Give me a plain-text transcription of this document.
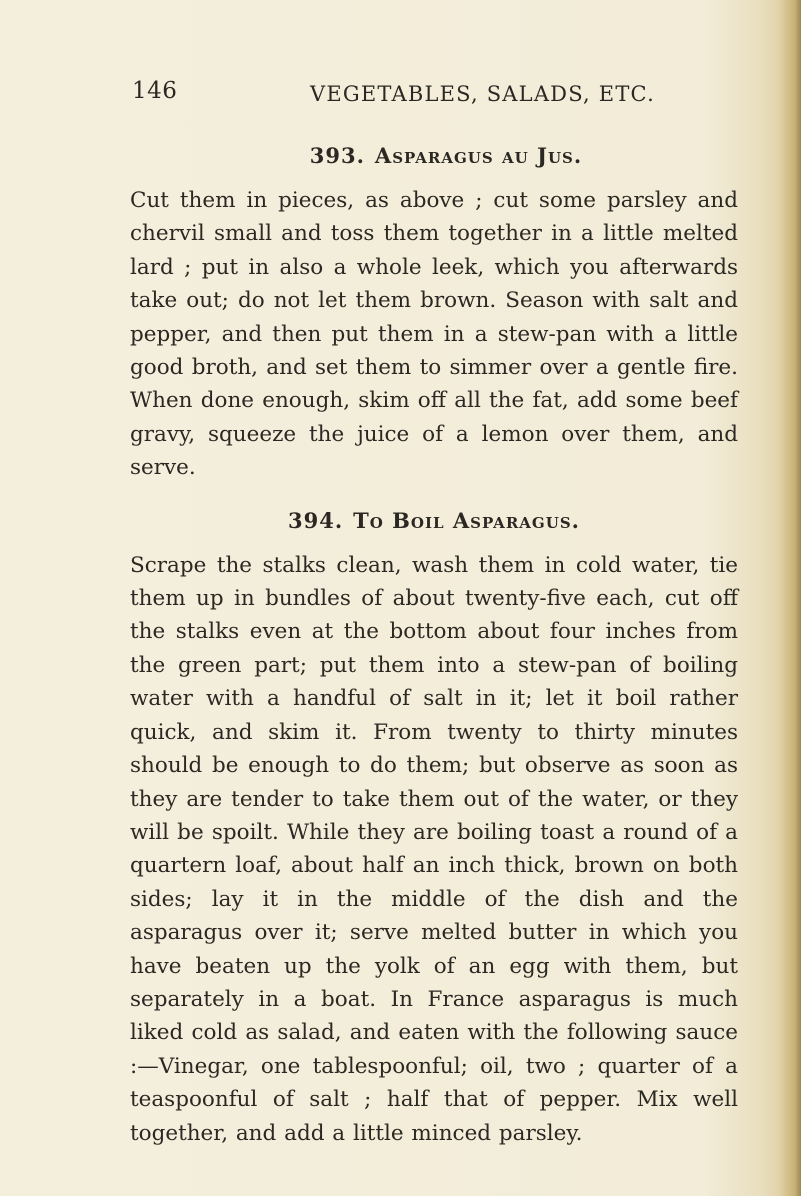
146	VEGETABLES, SALADS, ETC.
393. Asparagus au Jus.

Cut them in pieces, as above ; cut some parsley and chervil small and toss them together in a little melted lard ; put in also a whole leek, which you afterwards take out; do not let them brown. Season with salt and pepper, and then put them in a stew-pan with a little good broth, and set them to simmer over a gentle fire. When done enough, skim off all the fat, add some beef gravy, squeeze the juice of a lemon over them, and serve.

394. To Boil Asparagus.

Scrape the stalks clean, wash them in cold water, tie them up in bundles of about twenty-five each, cut off the stalks even at the bottom about four inches from the green part; put them into a stew-pan of boiling water with a handful of salt in it; let it boil rather quick, and skim it. From twenty to thirty minutes should be enough to do them; but observe as soon as they are tender to take them out of the water, or they will be spoilt. While they are boiling toast a round of a quartern loaf, about half an inch thick, brown on both sides; lay it in the middle of the dish and the asparagus over it; serve melted butter in which you have beaten up the yolk of an egg with them, but separately in a boat. In France asparagus is much liked cold as salad, and eaten with the following sauce :—Vinegar, one tablespoonful; oil, two ; quarter of a teaspoonful of salt ; half that of pepper. Mix well together, and add a little minced parsley.
